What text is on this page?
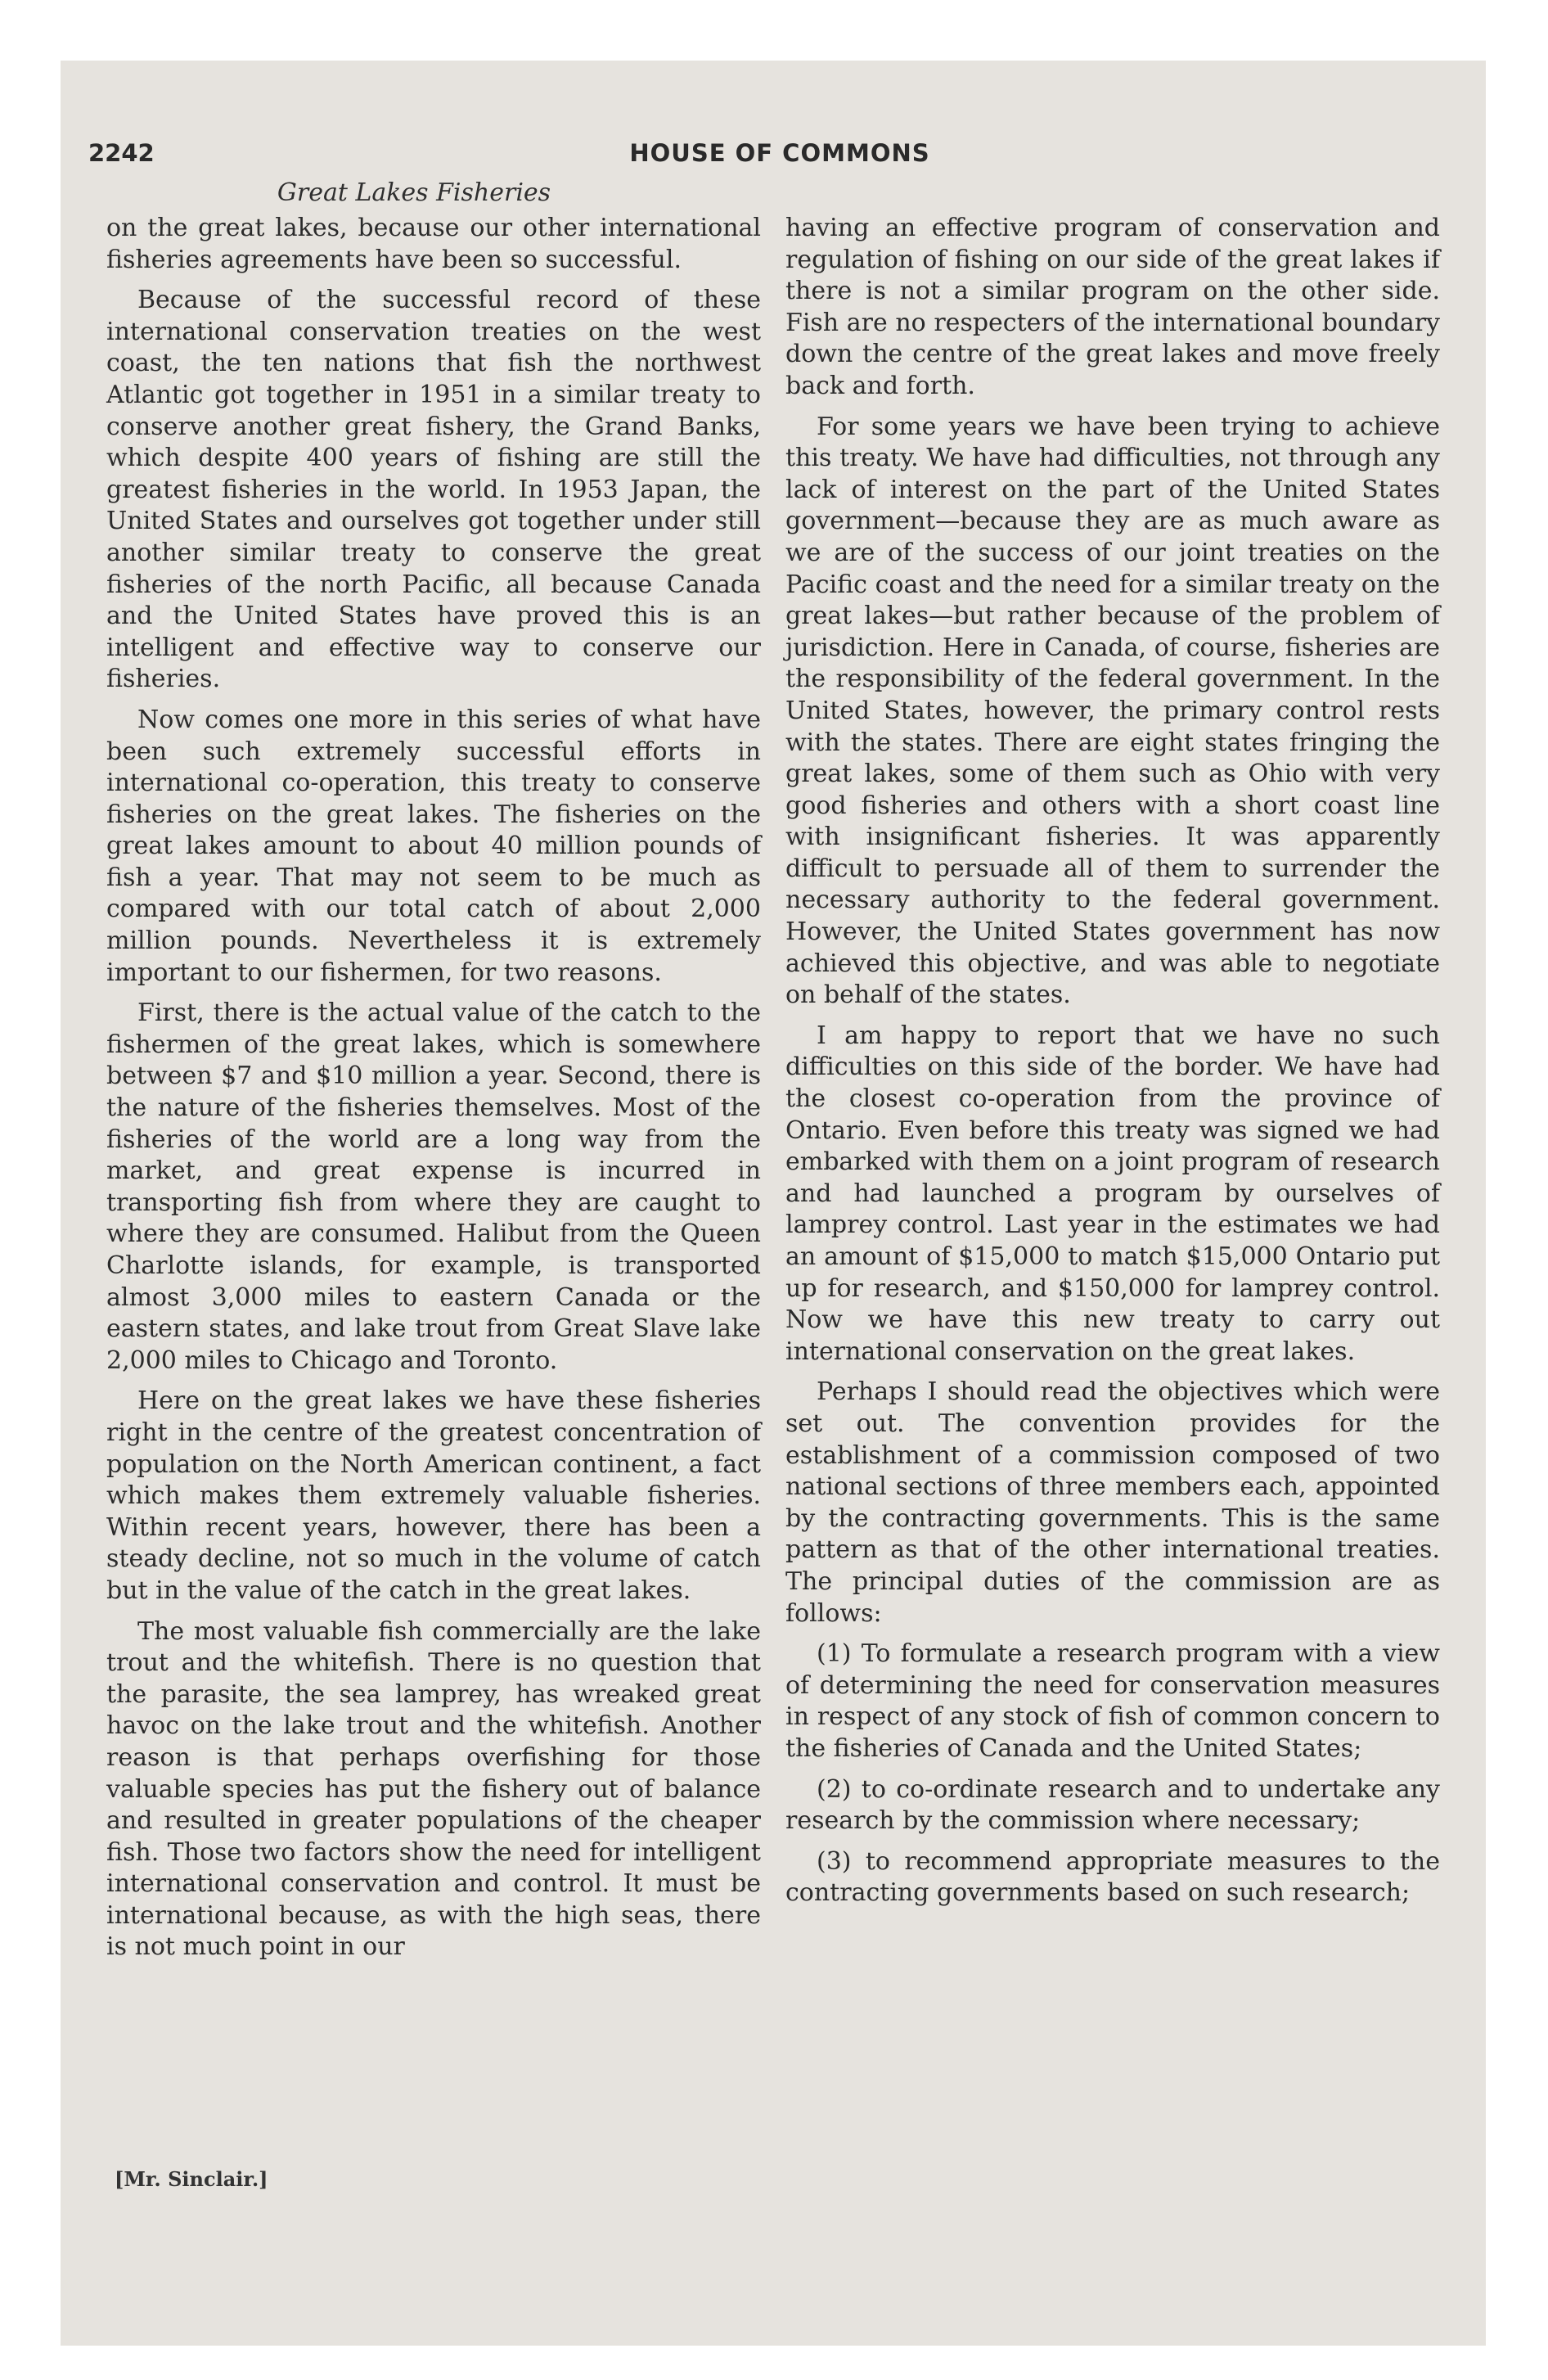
2242	HOUSE OF COMMONS
Great Lakes Fisheries

on the great lakes, because our other international fisheries agreements have been so successful.

Because of the successful record of these international conservation treaties on the west coast, the ten nations that fish the northwest Atlantic got together in 1951 in a similar treaty to conserve another great fishery, the Grand Banks, which despite 400 years of fishing are still the greatest fisheries in the world. In 1953 Japan, the United States and ourselves got together under still another similar treaty to conserve the great fisheries of the north Pacific, all because Canada and the United States have proved this is an intelligent and effective way to conserve our fisheries.

Now comes one more in this series of what have been such extremely successful efforts in international co-operation, this treaty to conserve fisheries on the great lakes. The fisheries on the great lakes amount to about 40 million pounds of fish a year. That may not seem to be much as compared with our total catch of about 2,000 million pounds. Nevertheless it is extremely important to our fishermen, for two reasons.

First, there is the actual value of the catch to the fishermen of the great lakes, which is somewhere between $7 and $10 million a year. Second, there is the nature of the fisheries themselves. Most of the fisheries of the world are a long way from the market, and great expense is incurred in transporting fish from where they are caught to where they are consumed. Halibut from the Queen Charlotte islands, for example, is transported almost 3,000 miles to eastern Canada or the eastern states, and lake trout from Great Slave lake 2,000 miles to Chicago and Toronto.

Here on the great lakes we have these fisheries right in the centre of the greatest concentration of population on the North American continent, a fact which makes them extremely valuable fisheries. Within recent years, however, there has been a steady decline, not so much in the volume of catch but in the value of the catch in the great lakes.

The most valuable fish commercially are the lake trout and the whitefish. There is no question that the parasite, the sea lamprey, has wreaked great havoc on the lake trout and the whitefish. Another reason is that perhaps overfishing for those valuable species has put the fishery out of balance and resulted in greater populations of the cheaper fish. Those two factors show the need for intelligent international conservation and control. It must be international because, as with the high seas, there is not much point in our

having an effective program of conservation and regulation of fishing on our side of the great lakes if there is not a similar program on the other side. Fish are no respecters of the international boundary down the centre of the great lakes and move freely back and forth.

For some years we have been trying to achieve this treaty. We have had difficulties, not through any lack of interest on the part of the United States government—because they are as much aware as we are of the success of our joint treaties on the Pacific coast and the need for a similar treaty on the great lakes—but rather because of the problem of jurisdiction. Here in Canada, of course, fisheries are the responsibility of the federal government. In the United States, however, the primary control rests with the states. There are eight states fringing the great lakes, some of them such as Ohio with very good fisheries and others with a short coast line with insignificant fisheries. It was apparently difficult to persuade all of them to surrender the necessary authority to the federal government. However, the United States government has now achieved this objective, and was able to negotiate on behalf of the states.

I am happy to report that we have no such difficulties on this side of the border. We have had the closest co-operation from the province of Ontario. Even before this treaty was signed we had embarked with them on a joint program of research and had launched a program by ourselves of lamprey control. Last year in the estimates we had an amount of $15,000 to match $15,000 Ontario put up for research, and $150,000 for lamprey control. Now we have this new treaty to carry out international conservation on the great lakes.

Perhaps I should read the objectives which were set out. The convention provides for the establishment of a commission composed of two national sections of three members each, appointed by the contracting governments. This is the same pattern as that of the other international treaties. The principal duties of the commission are as follows:

(1) To formulate a research program with a view of determining the need for conservation measures in respect of any stock of fish of common concern to the fisheries of Canada and the United States;

(2) to co-ordinate research and to undertake any research by the commission where necessary;

(3) to recommend appropriate measures to the contracting governments based on such research;

[Mr. Sinclair.]
